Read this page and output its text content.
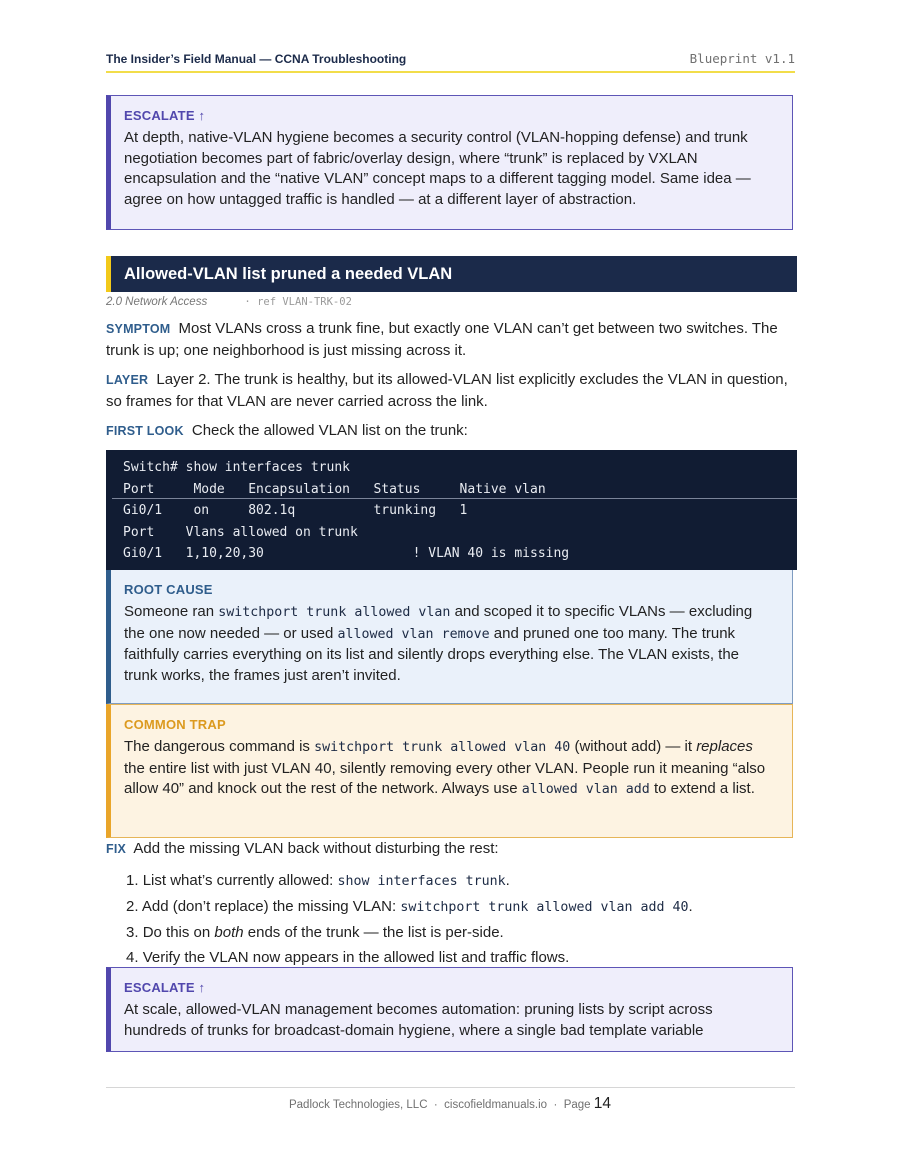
The Insider’s Field Manual — CCNA Troubleshooting	Blueprint v1.1
ESCALATE ↑
At depth, native-VLAN hygiene becomes a security control (VLAN-hopping defense) and trunk negotiation becomes part of fabric/overlay design, where “trunk” is replaced by VXLAN encapsulation and the “native VLAN” concept maps to a different tagging model. Same idea — agree on how untagged traffic is handled — at a different layer of abstraction.
Allowed-VLAN list pruned a needed VLAN
2.0 Network Access	· ref VLAN-TRK-02
SYMPTOM Most VLANs cross a trunk fine, but exactly one VLAN can’t get between two switches. The trunk is up; one neighborhood is just missing across it.
LAYER Layer 2. The trunk is healthy, but its allowed-VLAN list explicitly excludes the VLAN in question, so frames for that VLAN are never carried across the link.
FIRST LOOK Check the allowed VLAN list on the trunk:
Switch# show interfaces trunk
Port     Mode   Encapsulation   Status     Native vlan
Gi0/1    on     802.1q          trunking   1
Port    Vlans allowed on trunk
Gi0/1   1,10,20,30                   ! VLAN 40 is missing
ROOT CAUSE
Someone ran switchport trunk allowed vlan and scoped it to specific VLANs — excluding the one now needed — or used allowed vlan remove and pruned one too many. The trunk faithfully carries everything on its list and silently drops everything else. The VLAN exists, the trunk works, the frames just aren’t invited.
COMMON TRAP
The dangerous command is switchport trunk allowed vlan 40 (without add) — it replaces the entire list with just VLAN 40, silently removing every other VLAN. People run it meaning “also allow 40” and knock out the rest of the network. Always use allowed vlan add to extend a list.
FIX Add the missing VLAN back without disturbing the rest:
1. List what’s currently allowed: show interfaces trunk.
2. Add (don’t replace) the missing VLAN: switchport trunk allowed vlan add 40.
3. Do this on both ends of the trunk — the list is per-side.
4. Verify the VLAN now appears in the allowed list and traffic flows.
ESCALATE ↑
At scale, allowed-VLAN management becomes automation: pruning lists by script across hundreds of trunks for broadcast-domain hygiene, where a single bad template variable
Padlock Technologies, LLC · ciscofieldmanuals.io · Page 14
